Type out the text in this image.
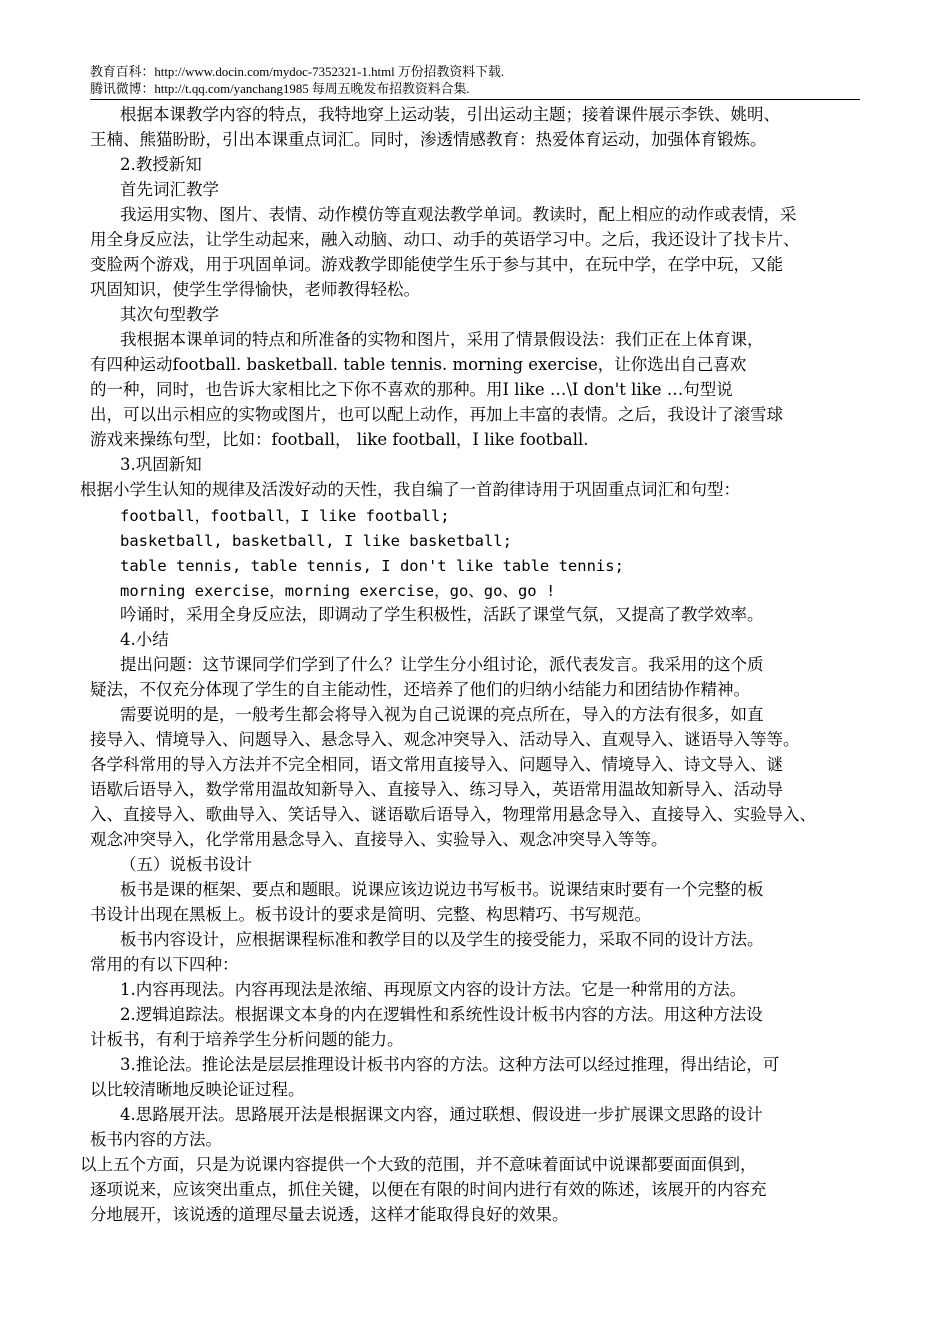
教育百科：http://www.docin.com/mydoc-7352321-1.html 万份招教资料下载.
腾讯微博：http://t.qq.com/yanchang1985 每周五晚发布招教资料合集.
根据本课教学内容的特点，我特地穿上运动装，引出运动主题；接着课件展示李铁、姚明、
王楠、熊猫盼盼，引出本课重点词汇。同时，渗透情感教育：热爱体育运动，加强体育锻炼。
2.教授新知
首先词汇教学
我运用实物、图片、表情、动作模仿等直观法教学单词。教读时，配上相应的动作或表情，采
用全身反应法，让学生动起来，融入动脑、动口、动手的英语学习中。之后，我还设计了找卡片、
变脸两个游戏，用于巩固单词。游戏教学即能使学生乐于参与其中，在玩中学，在学中玩，又能
巩固知识，使学生学得愉快，老师教得轻松。
其次句型教学
我根据本课单词的特点和所准备的实物和图片，采用了情景假设法：我们正在上体育课，
有四种运动football. basketball. table tennis. morning exercise，让你选出自己喜欢
的一种，同时，也告诉大家相比之下你不喜欢的那种。用I like …\I don't like …句型说
出，可以出示相应的实物或图片，也可以配上动作，再加上丰富的表情。之后，我设计了滚雪球
游戏来操练句型，比如：football， like football，I like football.
3.巩固新知
根据小学生认知的规律及活泼好动的天性，我自编了一首韵律诗用于巩固重点词汇和句型：
football，football，I like football;
basketball, basketball, I like basketball;
table tennis, table tennis, I don't like table tennis;
morning exercise，morning exercise，go、go、go !
吟诵时，采用全身反应法，即调动了学生积极性，活跃了课堂气氛，又提高了教学效率。
4.小结
提出问题：这节课同学们学到了什么？让学生分小组讨论，派代表发言。我采用的这个质
疑法，不仅充分体现了学生的自主能动性，还培养了他们的归纳小结能力和团结协作精神。
需要说明的是，一般考生都会将导入视为自己说课的亮点所在，导入的方法有很多，如直
接导入、情境导入、问题导入、悬念导入、观念冲突导入、活动导入、直观导入、谜语导入等等。
各学科常用的导入方法并不完全相同，语文常用直接导入、问题导入、情境导入、诗文导入、谜
语歇后语导入，数学常用温故知新导入、直接导入、练习导入，英语常用温故知新导入、活动导
入、直接导入、歌曲导入、笑话导入、谜语歇后语导入，物理常用悬念导入、直接导入、实验导入、
观念冲突导入，化学常用悬念导入、直接导入、实验导入、观念冲突导入等等。
（五）说板书设计
板书是课的框架、要点和题眼。说课应该边说边书写板书。说课结束时要有一个完整的板
书设计出现在黑板上。板书设计的要求是简明、完整、构思精巧、书写规范。
板书内容设计，应根据课程标准和教学目的以及学生的接受能力，采取不同的设计方法。
常用的有以下四种：
1.内容再现法。内容再现法是浓缩、再现原文内容的设计方法。它是一种常用的方法。
2.逻辑追踪法。根据课文本身的内在逻辑性和系统性设计板书内容的方法。用这种方法设
计板书，有利于培养学生分析问题的能力。
3.推论法。推论法是层层推理设计板书内容的方法。这种方法可以经过推理，得出结论，可
以比较清晰地反映论证过程。
4.思路展开法。思路展开法是根据课文内容，通过联想、假设进一步扩展课文思路的设计
板书内容的方法。
以上五个方面，只是为说课内容提供一个大致的范围，并不意味着面试中说课都要面面俱到，
逐项说来，应该突出重点，抓住关键，以便在有限的时间内进行有效的陈述，该展开的内容充
分地展开，该说透的道理尽量去说透，这样才能取得良好的效果。
